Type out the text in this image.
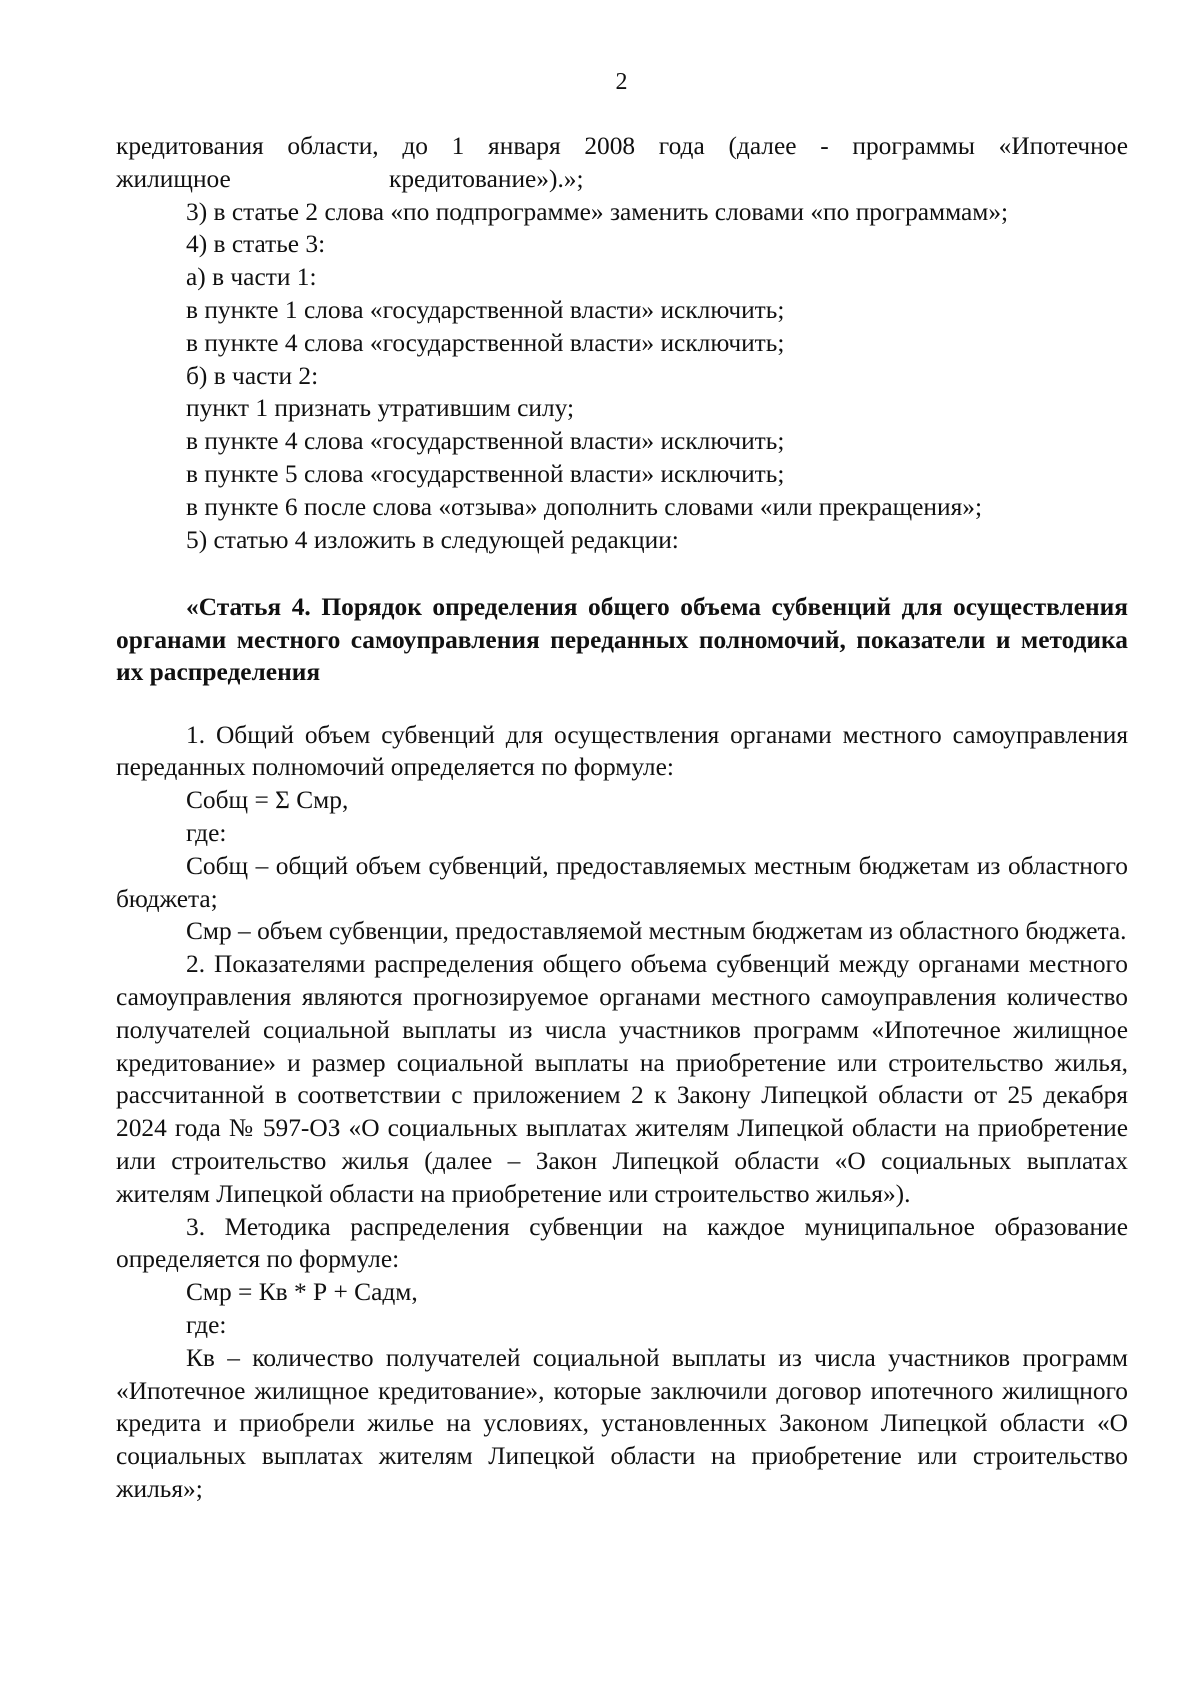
2
кредитования области, до 1 января 2008 года (далее - программы «Ипотечное
жилищное	кредитование»).»;

3) в статье 2 слова «по подпрограмме» заменить словами «по программам»;

4) в статье 3:

а) в части 1:

в пункте 1 слова «государственной власти» исключить;

в пункте 4 слова «государственной власти» исключить;

б) в части 2:

пункт 1 признать утратившим силу;

в пункте 4 слова «государственной власти» исключить;

в пункте 5 слова «государственной власти» исключить;

в пункте 6 после слова «отзыва» дополнить словами «или прекращения»;

5) статью 4 изложить в следующей редакции:

«Статья 4. Порядок определения общего объема субвенций для осуществления органами местного самоуправления переданных полномочий, показатели и методика их распределения

1. Общий объем субвенций для осуществления органами местного самоуправления переданных полномочий определяется по формуле:

Собщ = Σ Смр,

где:

Собщ – общий объем субвенций, предоставляемых местным бюджетам из областного бюджета;

Смр – объем субвенции, предоставляемой местным бюджетам из областного бюджета.

2. Показателями распределения общего объема субвенций между органами местного самоуправления являются прогнозируемое органами местного самоуправления количество получателей социальной выплаты из числа участников программ «Ипотечное жилищное кредитование» и размер социальной выплаты на приобретение или строительство жилья, рассчитанной в соответствии с приложением 2 к Закону Липецкой области от 25 декабря 2024 года № 597-ОЗ «О социальных выплатах жителям Липецкой области на приобретение или строительство жилья (далее – Закон Липецкой области «О социальных выплатах жителям Липецкой области на приобретение или строительство жилья»).

3. Методика распределения субвенции на каждое муниципальное образование определяется по формуле:

Смр = Кв * Р + Садм,

где:

Кв – количество получателей социальной выплаты из числа участников программ «Ипотечное жилищное кредитование», которые заключили договор ипотечного жилищного кредита и приобрели жилье на условиях, установленных Законом Липецкой области «О социальных выплатах жителям Липецкой области на приобретение или строительство жилья»;
